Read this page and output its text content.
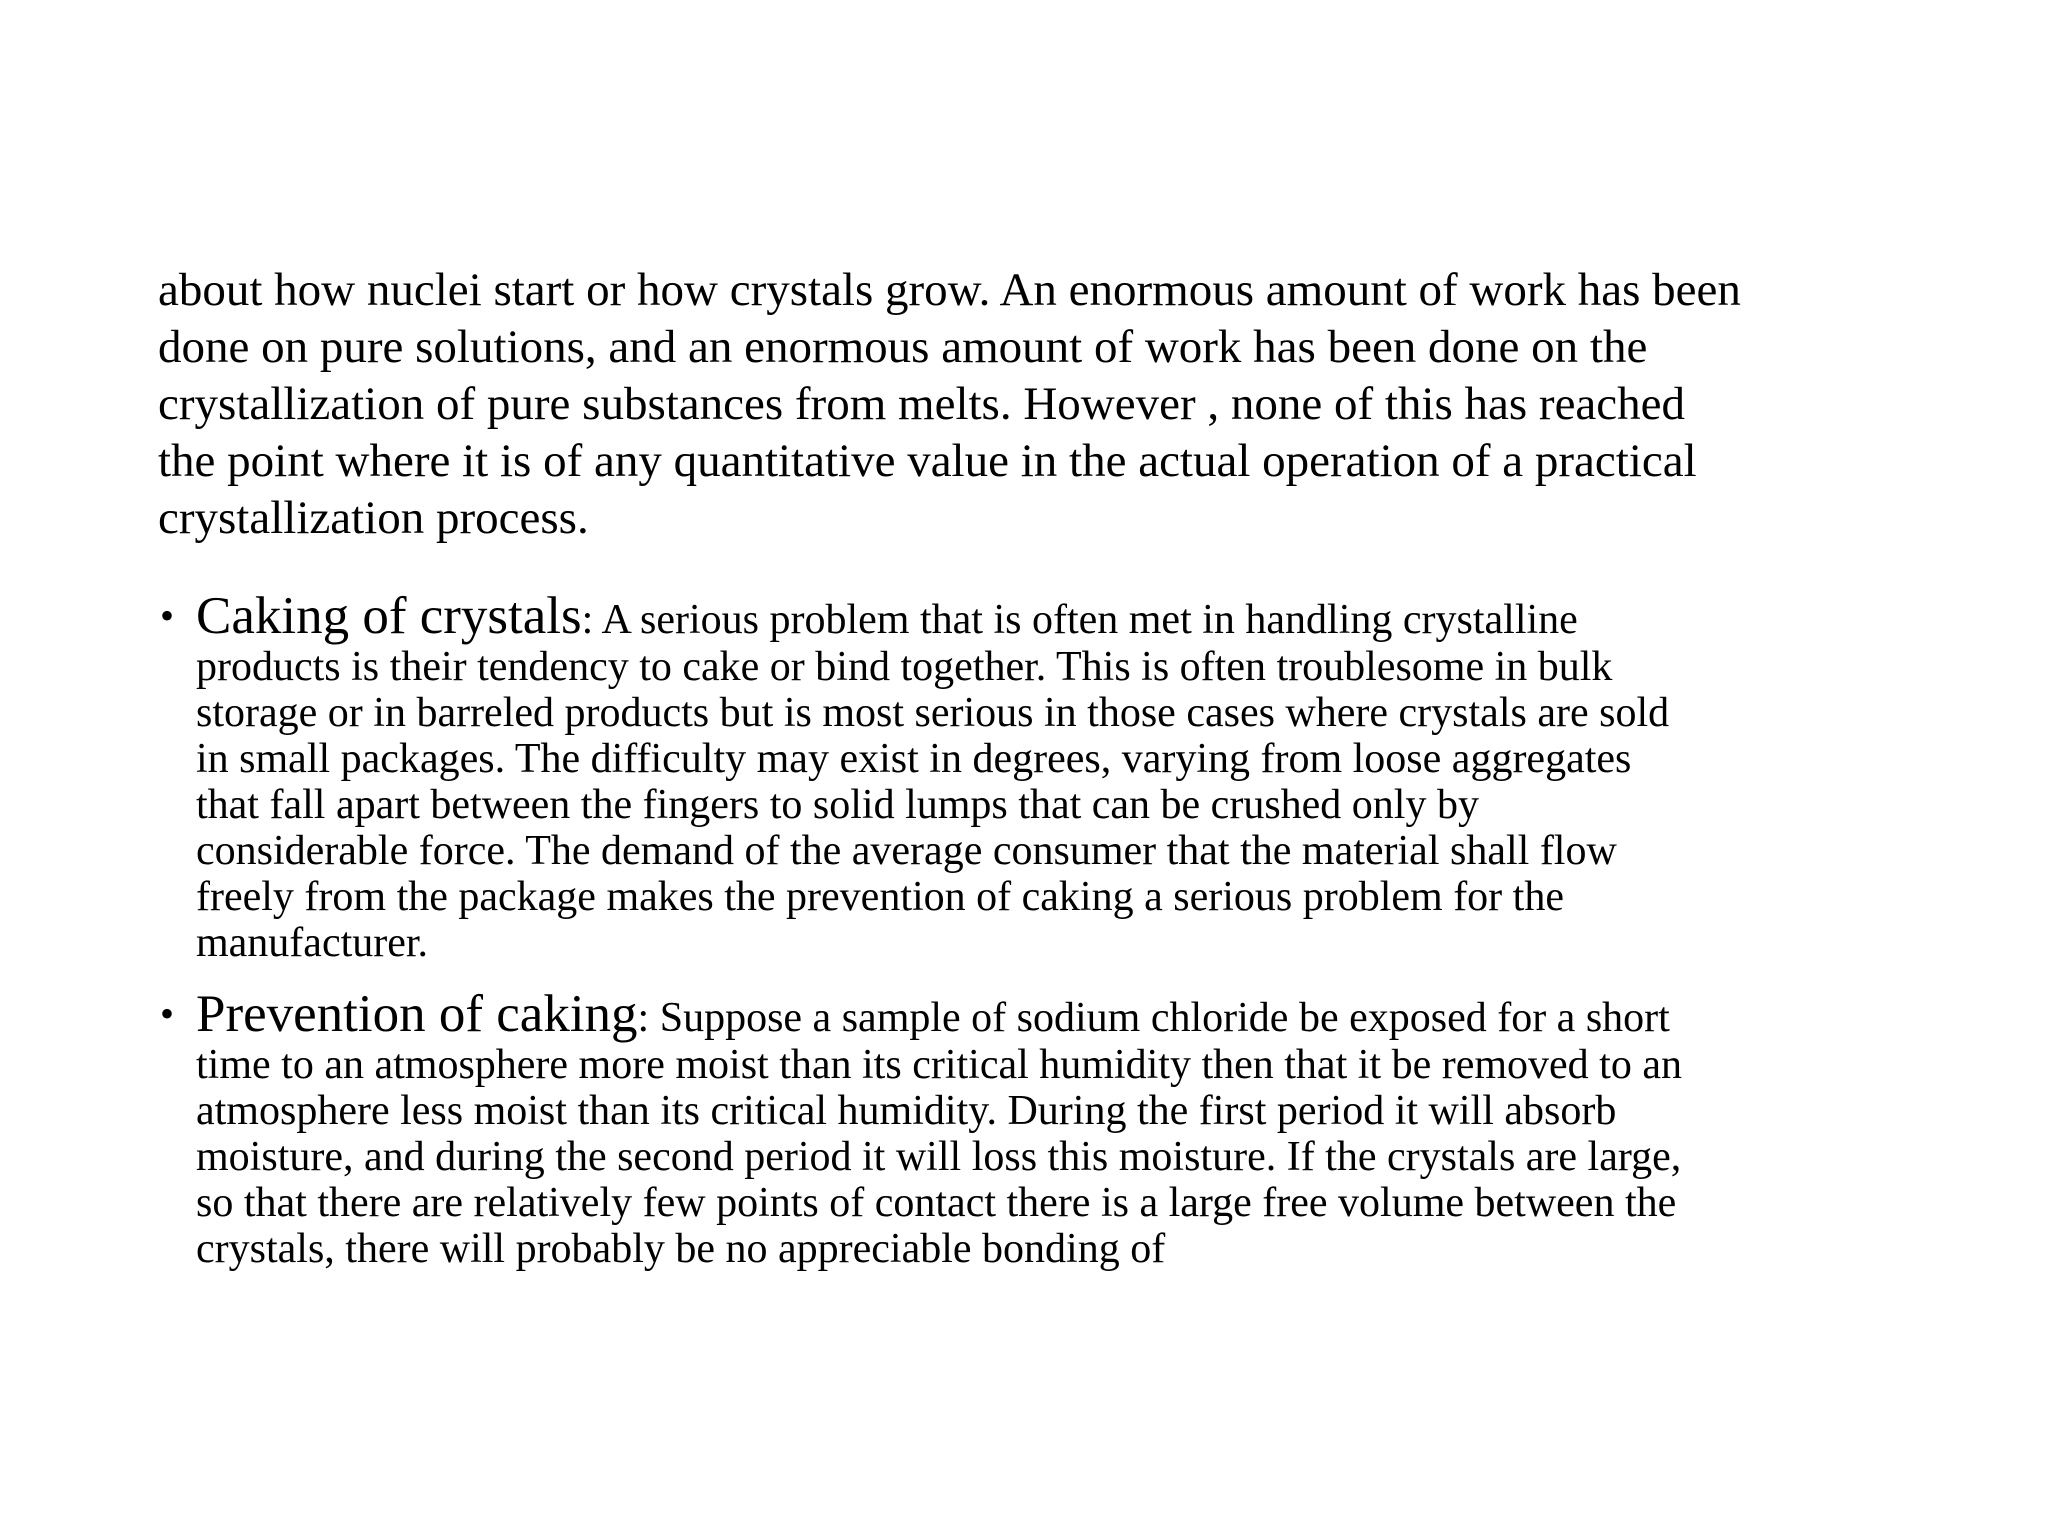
about how nuclei start or how crystals grow. An enormous amount of work has been
done on pure solutions, and an enormous amount of work has been done on the
crystallization of pure substances from melts. However , none of this has reached
the point where it is of any quantitative value in the actual operation of a practical
crystallization process.

• Caking of crystals: A serious problem that is often met in handling crystalline
products is their tendency to cake or bind together. This is often troublesome in bulk
storage or in barreled products but is most serious in those cases where crystals are sold
in small packages. The difficulty may exist in degrees, varying from loose aggregates
that fall apart between the fingers to solid lumps that can be crushed only by
considerable force. The demand of the average consumer that the material shall flow
freely from the package makes the prevention of caking a serious problem for the
manufacturer.
• Prevention of caking: Suppose a sample of sodium chloride be exposed for a short
time to an atmosphere more moist than its critical humidity then that it be removed to an
atmosphere less moist than its critical humidity. During the first period it will absorb
moisture, and during the second period it will loss this moisture. If the crystals are large,
so that there are relatively few points of contact there is a large free volume between the
crystals, there will probably be no appreciable bonding of
